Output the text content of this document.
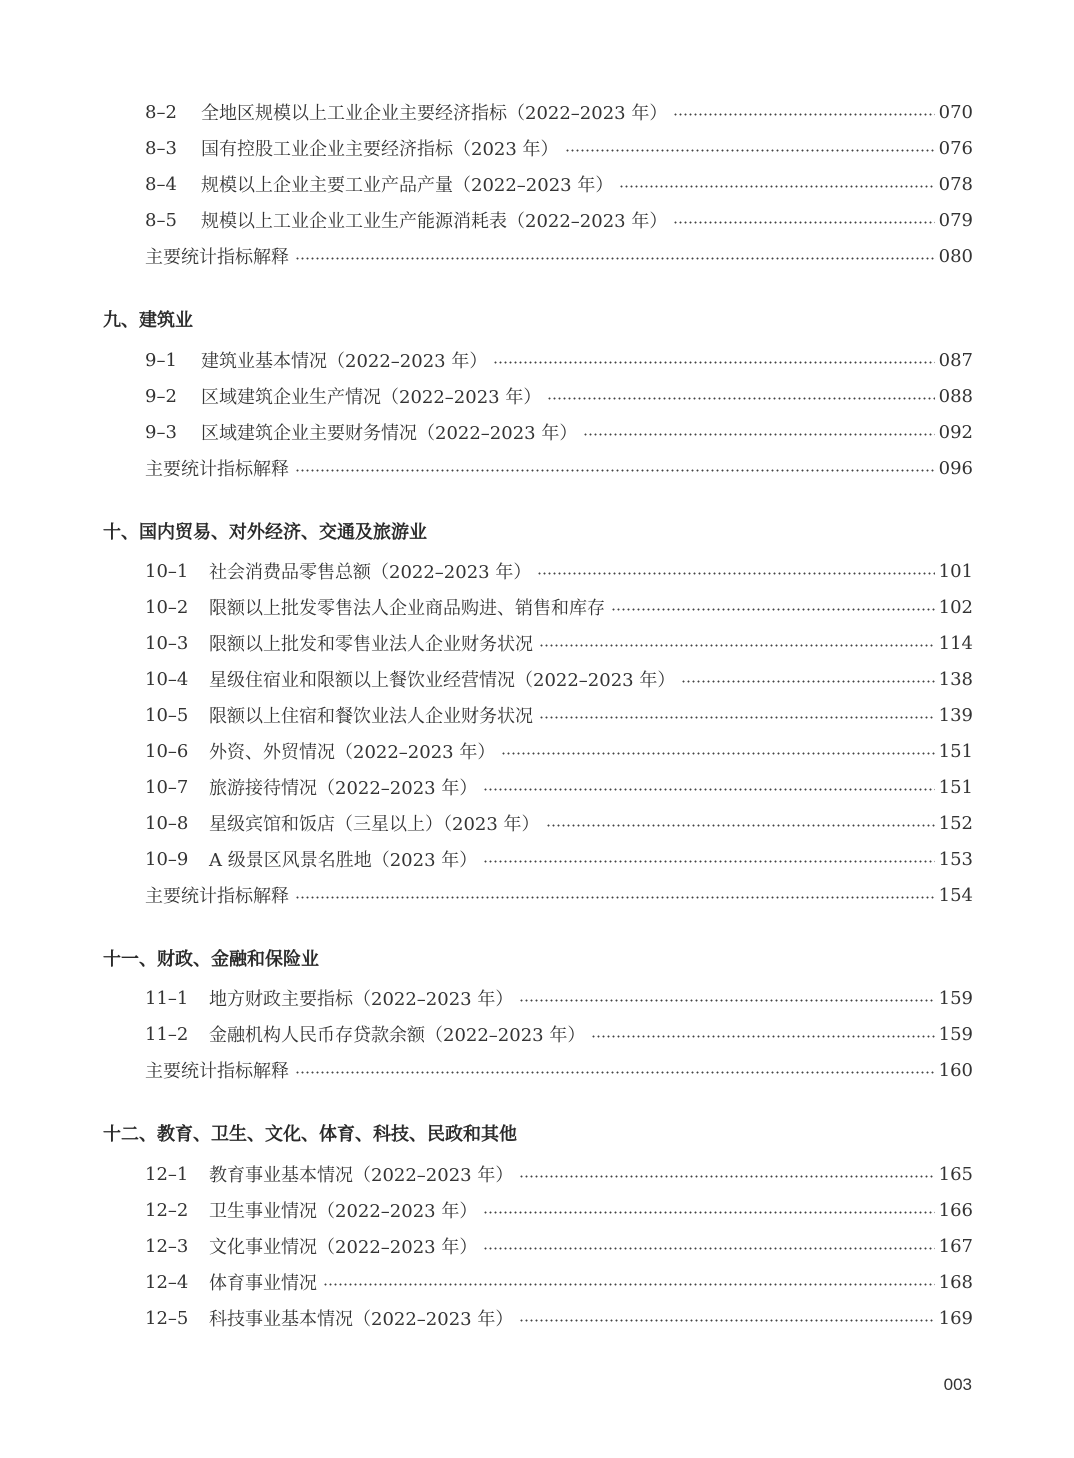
8–2	全地区规模以上工业企业主要经济指标（2022–2023 年）	070
8–3	国有控股工业企业主要经济指标（2023 年）	076
8–4	规模以上企业主要工业产品产量（2022–2023 年）	078
8–5	规模以上工业企业工业生产能源消耗表（2022–2023 年）	079
主要统计指标解释	080
九、建筑业
9–1	建筑业基本情况（2022–2023 年）	087
9–2	区域建筑企业生产情况（2022–2023 年）	088
9–3	区域建筑企业主要财务情况（2022–2023 年）	092
主要统计指标解释	096
十、国内贸易、对外经济、交通及旅游业
10–1	社会消费品零售总额（2022–2023 年）	101
10–2	限额以上批发零售法人企业商品购进、销售和库存	102
10–3	限额以上批发和零售业法人企业财务状况	114
10–4	星级住宿业和限额以上餐饮业经营情况（2022–2023 年）	138
10–5	限额以上住宿和餐饮业法人企业财务状况	139
10–6	外资、外贸情况（2022–2023 年）	151
10–7	旅游接待情况（2022–2023 年）	151
10–8	星级宾馆和饭店（三星以上）（2023 年）	152
10–9	A 级景区风景名胜地（2023 年）	153
主要统计指标解释	154
十一、财政、金融和保险业
11–1	地方财政主要指标（2022–2023 年）	159
11–2	金融机构人民币存贷款余额（2022–2023 年）	159
主要统计指标解释	160
十二、教育、卫生、文化、体育、科技、民政和其他
12–1	教育事业基本情况（2022–2023 年）	165
12–2	卫生事业情况（2022–2023 年）	166
12–3	文化事业情况（2022–2023 年）	167
12–4	体育事业情况	168
12–5	科技事业基本情况（2022–2023 年）	169
003
